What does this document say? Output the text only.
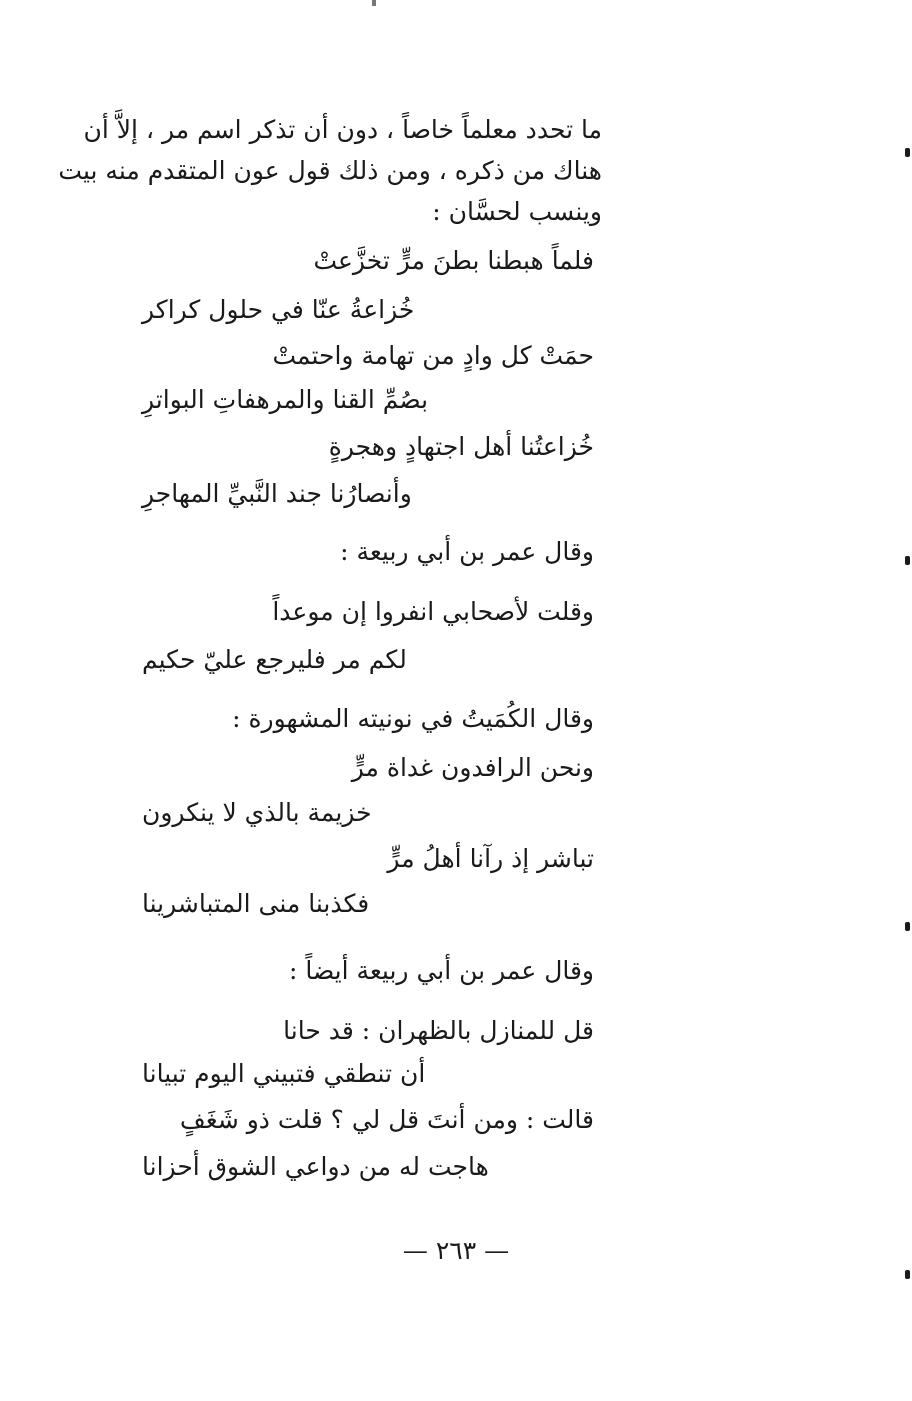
ما تحدد معلماً خاصاً ، دون أن تذكر اسم مر ، إلاَّ أن
هناك من ذكره ، ومن ذلك قول عون المتقدم منه بيت
وينسب لحسَّان :
فلماً هبطنا بطنَ مرٍّ تخزَّعتْ
خُزاعةُ عنّا في حلول كراكر
حمَتْ كل وادٍ من تهامة واحتمتْ
بصُمِّ القنا والمرهفاتِ البواترِ
خُزاعتُنا أهل اجتهادٍ وهجرةٍ
وأنصارُنا جند النَّبيِّ المهاجرِ
وقال عمر بن أبي ربيعة :
وقلت لأصحابي انفروا إن موعداً
لكم مر فليرجع عليّ حكيم
وقال الكُمَيتُ في نونيته المشهورة :
ونحن الرافدون غداة مرٍّ
خزيمة بالذي لا ينكرون
تباشر إذ رآنا أهلُ مرٍّ
فكذبنا منى المتباشرينا
وقال عمر بن أبي ربيعة أيضاً :
قل للمنازل بالظهران : قد حانا
أن تنطقي فتبيني اليوم تبيانا
قالت : ومن أنتَ قل لي ؟ قلت ذو شَغَفٍ
هاجت له من دواعي الشوق أحزانا
— ٢٦٣ —
